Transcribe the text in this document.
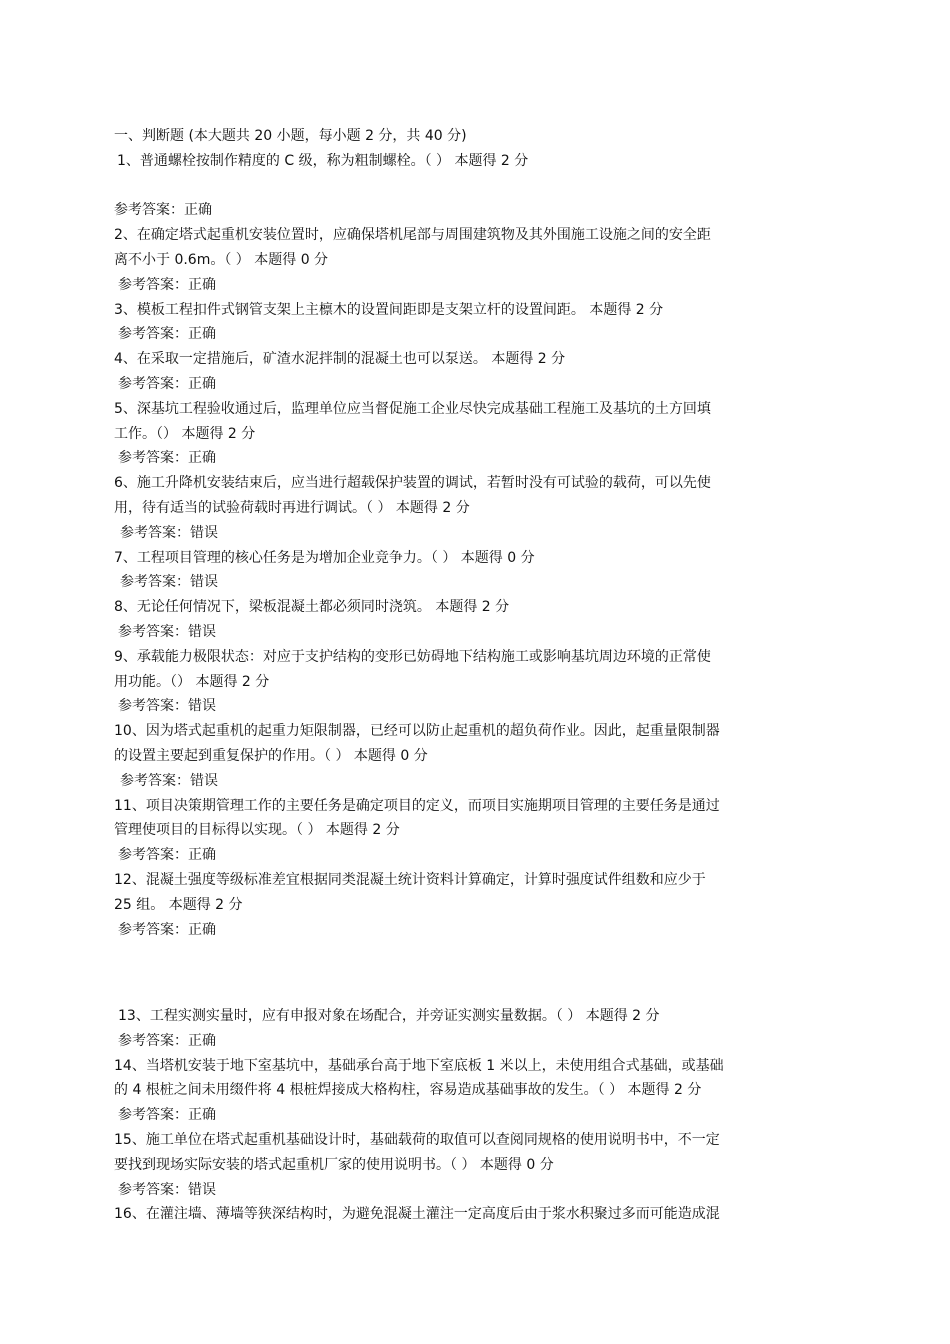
一、判断题 (本大题共 20 小题，每小题 2 分，共 40 分)
1、普通螺栓按制作精度的 C 级，称为粗制螺栓。（ ） 本题得 2 分
参考答案：正确
2、在确定塔式起重机安装位置时，应确保塔机尾部与周围建筑物及其外围施工设施之间的安全距
离不小于 0.6m。（ ） 本题得 0 分
参考答案：正确
3、模板工程扣件式钢管支架上主檩木的设置间距即是支架立杆的设置间距。 本题得 2 分
参考答案：正确
4、在采取一定措施后，矿渣水泥拌制的混凝土也可以泵送。 本题得 2 分
参考答案：正确
5、深基坑工程验收通过后，监理单位应当督促施工企业尽快完成基础工程施工及基坑的土方回填
工作。（） 本题得 2 分
参考答案：正确
6、施工升降机安装结束后，应当进行超载保护装置的调试，若暂时没有可试验的载荷，可以先使
用，待有适当的试验荷载时再进行调试。（ ） 本题得 2 分
参考答案：错误
7、工程项目管理的核心任务是为增加企业竞争力。（ ） 本题得 0 分
参考答案：错误
8、无论任何情况下，梁板混凝土都必须同时浇筑。 本题得 2 分
参考答案：错误
9、承载能力极限状态：对应于支护结构的变形已妨碍地下结构施工或影响基坑周边环境的正常使
用功能。（） 本题得 2 分
参考答案：错误
10、因为塔式起重机的起重力矩限制器，已经可以防止起重机的超负荷作业。因此，起重量限制器
的设置主要起到重复保护的作用。（ ） 本题得 0 分
参考答案：错误
11、项目决策期管理工作的主要任务是确定项目的定义，而项目实施期项目管理的主要任务是通过
管理使项目的目标得以实现。（ ） 本题得 2 分
参考答案：正确
12、混凝土强度等级标准差宜根据同类混凝土统计资料计算确定，计算时强度试件组数和应少于
25 组。 本题得 2 分
参考答案：正确
13、工程实测实量时，应有申报对象在场配合，并旁证实测实量数据。（ ） 本题得 2 分
参考答案：正确
14、当塔机安装于地下室基坑中，基础承台高于地下室底板 1 米以上，未使用组合式基础，或基础
的 4 根桩之间未用缀件将 4 根桩焊接成大格构柱，容易造成基础事故的发生。（ ） 本题得 2 分
参考答案：正确
15、施工单位在塔式起重机基础设计时，基础载荷的取值可以查阅同规格的使用说明书中，不一定
要找到现场实际安装的塔式起重机厂家的使用说明书。（ ） 本题得 0 分
参考答案：错误
16、在灌注墙、薄墙等狭深结构时，为避免混凝土灌注一定高度后由于浆水积聚过多而可能造成混
